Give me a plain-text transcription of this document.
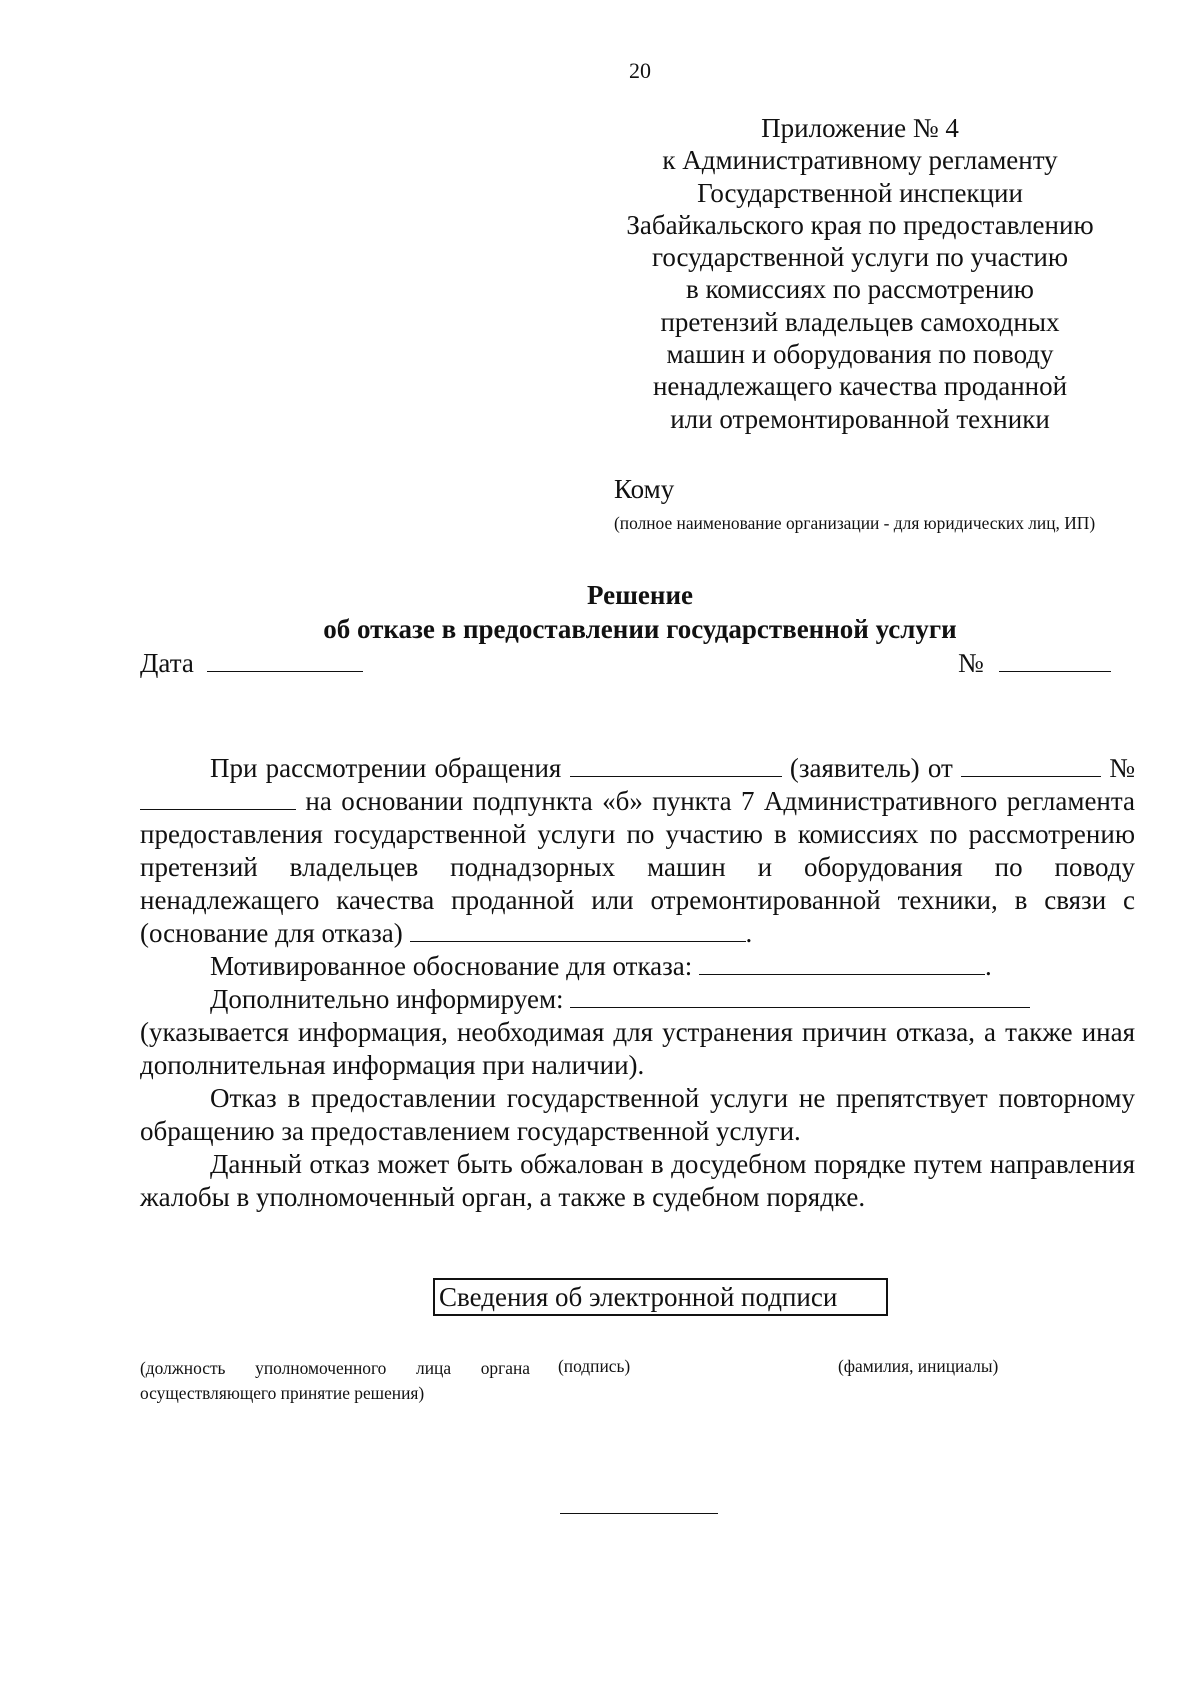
20
Приложение № 4
к Административному регламенту
Государственной инспекции
Забайкальского края по предоставлению
государственной услуги по участию
в комиссиях по рассмотрению
претензий владельцев самоходных
машин и оборудования по поводу
ненадлежащего качества проданной
или отремонтированной техники
Кому
(полное наименование организации - для юридических лиц, ИП)
Решение
об отказе в предоставлении государственной услуги
Дата	№

При рассмотрении обращения	(заявитель) от	№  на основании подпункта «б» пункта 7 Административного регламента предоставления государственной услуги по участию в комиссиях по рассмотрению претензий владельцев поднадзорных машин и оборудования по поводу ненадлежащего качества проданной или отремонтированной техники, в связи с (основание для отказа)	.

Мотивированное обоснование для отказа:	.

Дополнительно информируем:

(указывается информация, необходимая для устранения причин отказа, а также иная дополнительная информация при наличии).

Отказ в предоставлении государственной услуги не препятствует повторному обращению за предоставлением государственной услуги.

Данный отказ может быть обжалован в досудебном порядке путем направления жалобы в уполномоченный орган, а также в судебном порядке.

Сведения об электронной подписи
(должность уполномоченного лица органа
осуществляющего принятие решения)
(подпись)	(фамилия, инициалы)
